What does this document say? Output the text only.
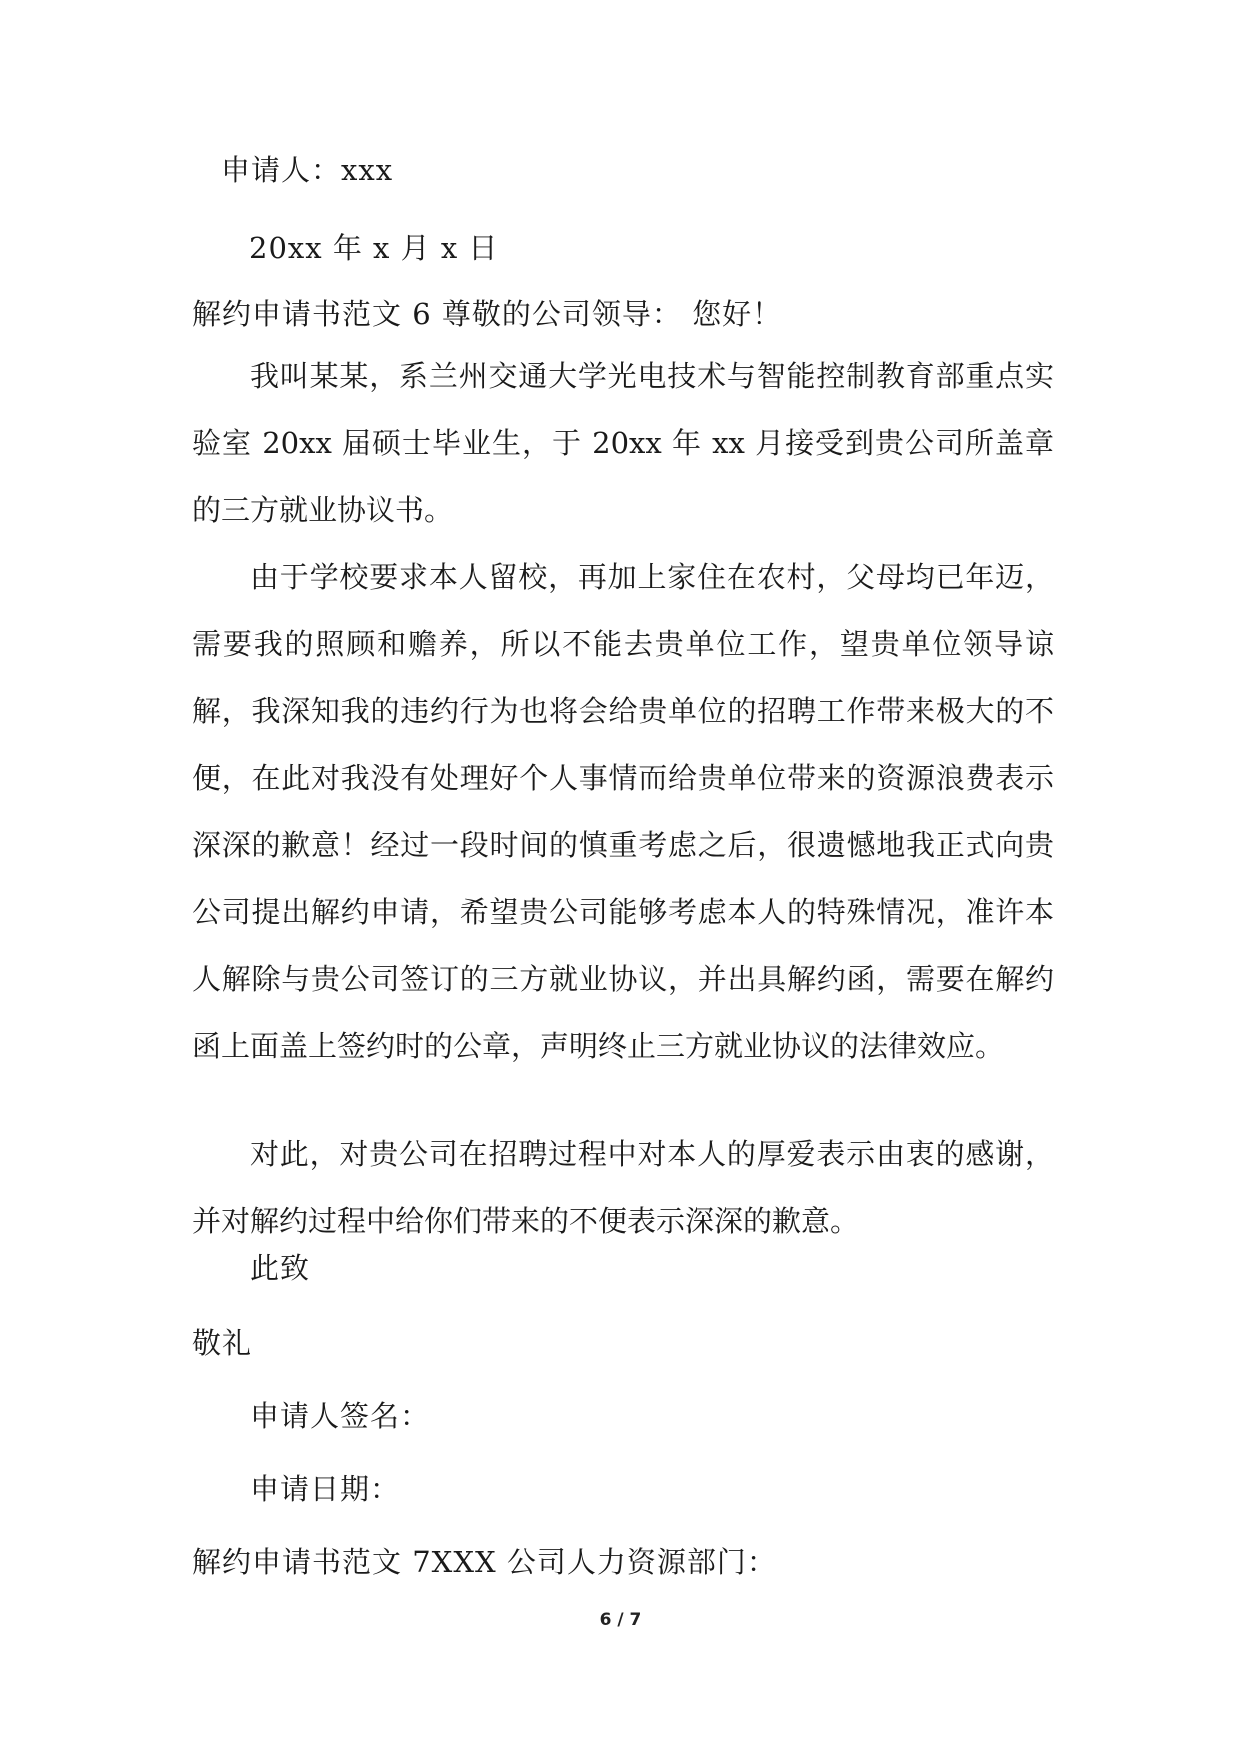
申请人：xxx
20xx 年 x 月 x 日
解约申请书范文 6 尊敬的公司领导： 您好！
我叫某某，系兰州交通大学光电技术与智能控制教育部重点实验室 20xx 届硕士毕业生，于 20xx 年 xx 月接受到贵公司所盖章的三方就业协议书。
由于学校要求本人留校，再加上家住在农村，父母均已年迈，需要我的照顾和赡养，所以不能去贵单位工作，望贵单位领导谅解，我深知我的违约行为也将会给贵单位的招聘工作带来极大的不便，在此对我没有处理好个人事情而给贵单位带来的资源浪费表示深深的歉意！经过一段时间的慎重考虑之后，很遗憾地我正式向贵公司提出解约申请，希望贵公司能够考虑本人的特殊情况，准许本人解除与贵公司签订的三方就业协议，并出具解约函，需要在解约函上面盖上签约时的公章，声明终止三方就业协议的法律效应。
对此，对贵公司在招聘过程中对本人的厚爱表示由衷的感谢，并对解约过程中给你们带来的不便表示深深的歉意。
此致
敬礼
申请人签名：
申请日期：
解约申请书范文 7XXX 公司人力资源部门：
6 / 7
